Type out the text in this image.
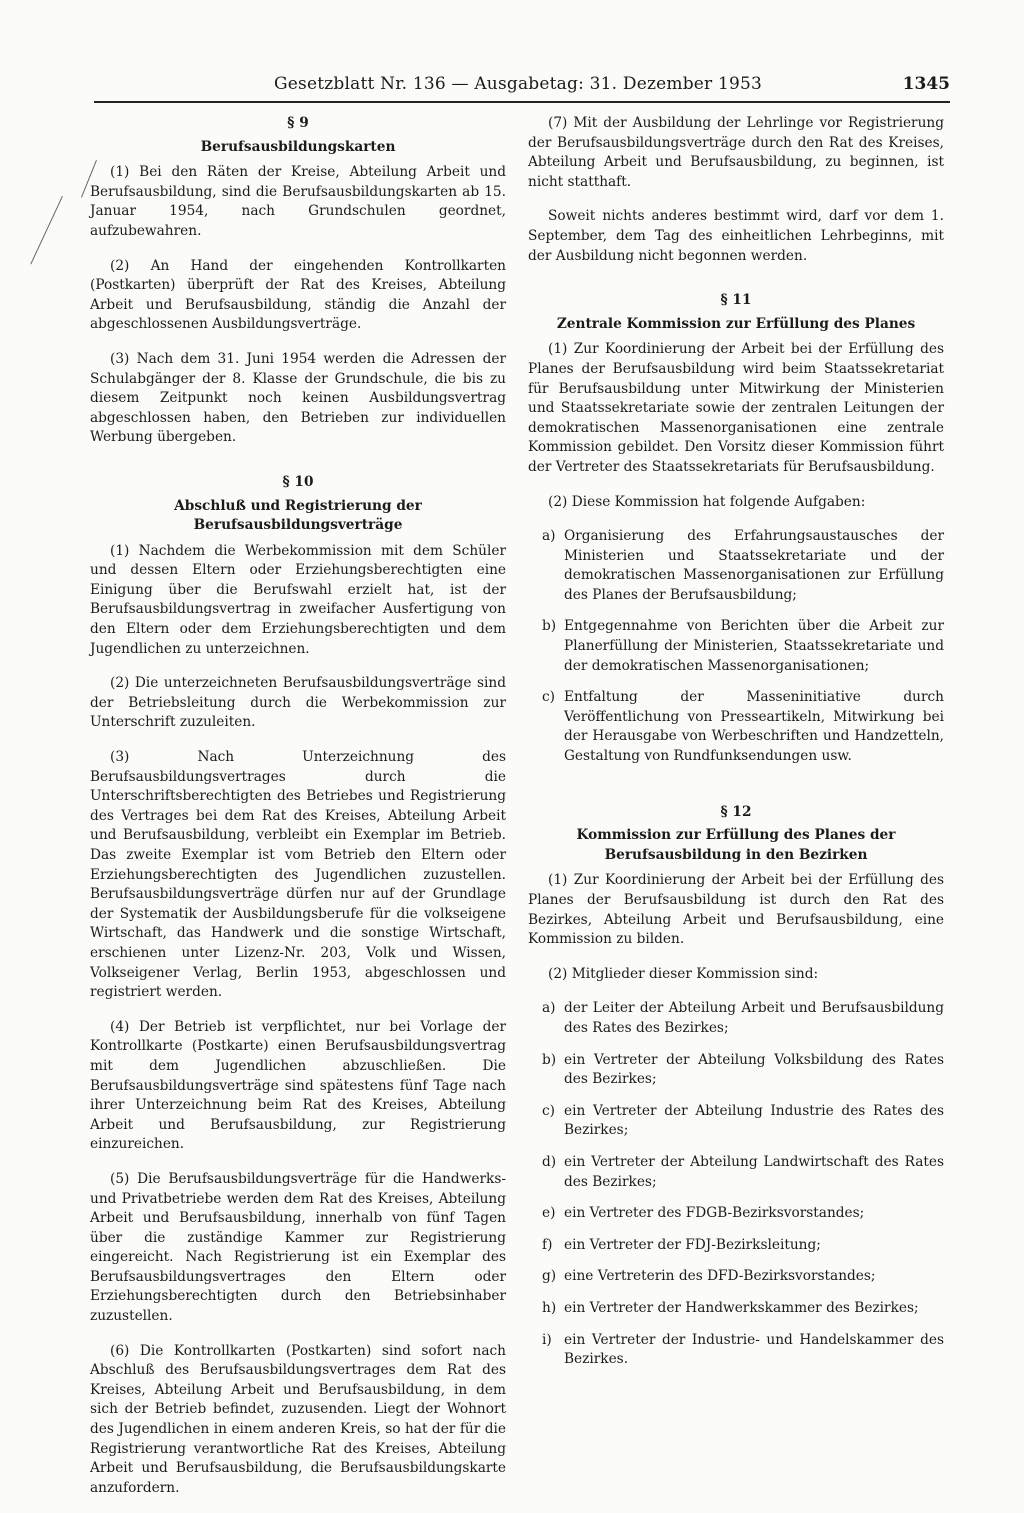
Gesetzblatt Nr. 136 — Ausgabetag: 31. Dezember 1953	1345
§ 9
Berufsausbildungskarten

(1) Bei den Räten der Kreise, Abteilung Arbeit und Berufsausbildung, sind die Berufsausbildungskarten ab 15. Januar 1954, nach Grundschulen geordnet, aufzubewahren.

(2) An Hand der eingehenden Kontrollkarten (Postkarten) überprüft der Rat des Kreises, Abteilung Arbeit und Berufsausbildung, ständig die Anzahl der abgeschlossenen Ausbildungsverträge.

(3) Nach dem 31. Juni 1954 werden die Adressen der Schulabgänger der 8. Klasse der Grundschule, die bis zu diesem Zeitpunkt noch keinen Ausbildungsvertrag abgeschlossen haben, den Betrieben zur individuellen Werbung übergeben.

§ 10
Abschluß und Registrierung der Berufsausbildungsverträge

(1) Nachdem die Werbekommission mit dem Schüler und dessen Eltern oder Erziehungsberechtigten eine Einigung über die Berufswahl erzielt hat, ist der Berufsausbildungsvertrag in zweifacher Ausfertigung von den Eltern oder dem Erziehungsberechtigten und dem Jugendlichen zu unterzeichnen.

(2) Die unterzeichneten Berufsausbildungsverträge sind der Betriebsleitung durch die Werbekommission zur Unterschrift zuzuleiten.

(3) Nach Unterzeichnung des Berufsausbildungsvertrages durch die Unterschriftsberechtigten des Betriebes und Registrierung des Vertrages bei dem Rat des Kreises, Abteilung Arbeit und Berufsausbildung, verbleibt ein Exemplar im Betrieb. Das zweite Exemplar ist vom Betrieb den Eltern oder Erziehungsberechtigten des Jugendlichen zuzustellen. Berufsausbildungsverträge dürfen nur auf der Grundlage der Systematik der Ausbildungsberufe für die volkseigene Wirtschaft, das Handwerk und die sonstige Wirtschaft, erschienen unter Lizenz-Nr. 203, Volk und Wissen, Volkseigener Verlag, Berlin 1953, abgeschlossen und registriert werden.

(4) Der Betrieb ist verpflichtet, nur bei Vorlage der Kontrollkarte (Postkarte) einen Berufsausbildungsvertrag mit dem Jugendlichen abzuschließen. Die Berufsausbildungsverträge sind spätestens fünf Tage nach ihrer Unterzeichnung beim Rat des Kreises, Abteilung Arbeit und Berufsausbildung, zur Registrierung einzureichen.

(5) Die Berufsausbildungsverträge für die Handwerks- und Privatbetriebe werden dem Rat des Kreises, Abteilung Arbeit und Berufsausbildung, innerhalb von fünf Tagen über die zuständige Kammer zur Registrierung eingereicht. Nach Registrierung ist ein Exemplar des Berufsausbildungsvertrages den Eltern oder Erziehungsberechtigten durch den Betriebsinhaber zuzustellen.

(6) Die Kontrollkarten (Postkarten) sind sofort nach Abschluß des Berufsausbildungsvertrages dem Rat des Kreises, Abteilung Arbeit und Berufsausbildung, in dem sich der Betrieb befindet, zuzusenden. Liegt der Wohnort des Jugendlichen in einem anderen Kreis, so hat der für die Registrierung verantwortliche Rat des Kreises, Abteilung Arbeit und Berufsausbildung, die Berufsausbildungskarte anzufordern.

(7) Mit der Ausbildung der Lehrlinge vor Registrierung der Berufsausbildungsverträge durch den Rat des Kreises, Abteilung Arbeit und Berufsausbildung, zu beginnen, ist nicht statthaft.

Soweit nichts anderes bestimmt wird, darf vor dem 1. September, dem Tag des einheitlichen Lehrbeginns, mit der Ausbildung nicht begonnen werden.

§ 11
Zentrale Kommission zur Erfüllung des Planes

(1) Zur Koordinierung der Arbeit bei der Erfüllung des Planes der Berufsausbildung wird beim Staatssekretariat für Berufsausbildung unter Mitwirkung der Ministerien und Staatssekretariate sowie der zentralen Leitungen der demokratischen Massenorganisationen eine zentrale Kommission gebildet. Den Vorsitz dieser Kommission führt der Vertreter des Staatssekretariats für Berufsausbildung.

(2) Diese Kommission hat folgende Aufgaben:

a) Organisierung des Erfahrungsaustausches der Ministerien und Staatssekretariate und der demokratischen Massenorganisationen zur Erfüllung des Planes der Berufsausbildung;
b) Entgegennahme von Berichten über die Arbeit zur Planerfüllung der Ministerien, Staatssekretariate und der demokratischen Massenorganisationen;
c) Entfaltung der Masseninitiative durch Veröffentlichung von Presseartikeln, Mitwirkung bei der Herausgabe von Werbeschriften und Handzetteln, Gestaltung von Rundfunksendungen usw.
§ 12
Kommission zur Erfüllung des Planes der Berufsausbildung in den Bezirken

(1) Zur Koordinierung der Arbeit bei der Erfüllung des Planes der Berufsausbildung ist durch den Rat des Bezirkes, Abteilung Arbeit und Berufsausbildung, eine Kommission zu bilden.

(2) Mitglieder dieser Kommission sind:

a) der Leiter der Abteilung Arbeit und Berufsausbildung des Rates des Bezirkes;
b) ein Vertreter der Abteilung Volksbildung des Rates des Bezirkes;
c) ein Vertreter der Abteilung Industrie des Rates des Bezirkes;
d) ein Vertreter der Abteilung Landwirtschaft des Rates des Bezirkes;
e) ein Vertreter des FDGB-Bezirksvorstandes;
f) ein Vertreter der FDJ-Bezirksleitung;
g) eine Vertreterin des DFD-Bezirksvorstandes;
h) ein Vertreter der Handwerkskammer des Bezirkes;
i) ein Vertreter der Industrie- und Handelskammer des Bezirkes.
